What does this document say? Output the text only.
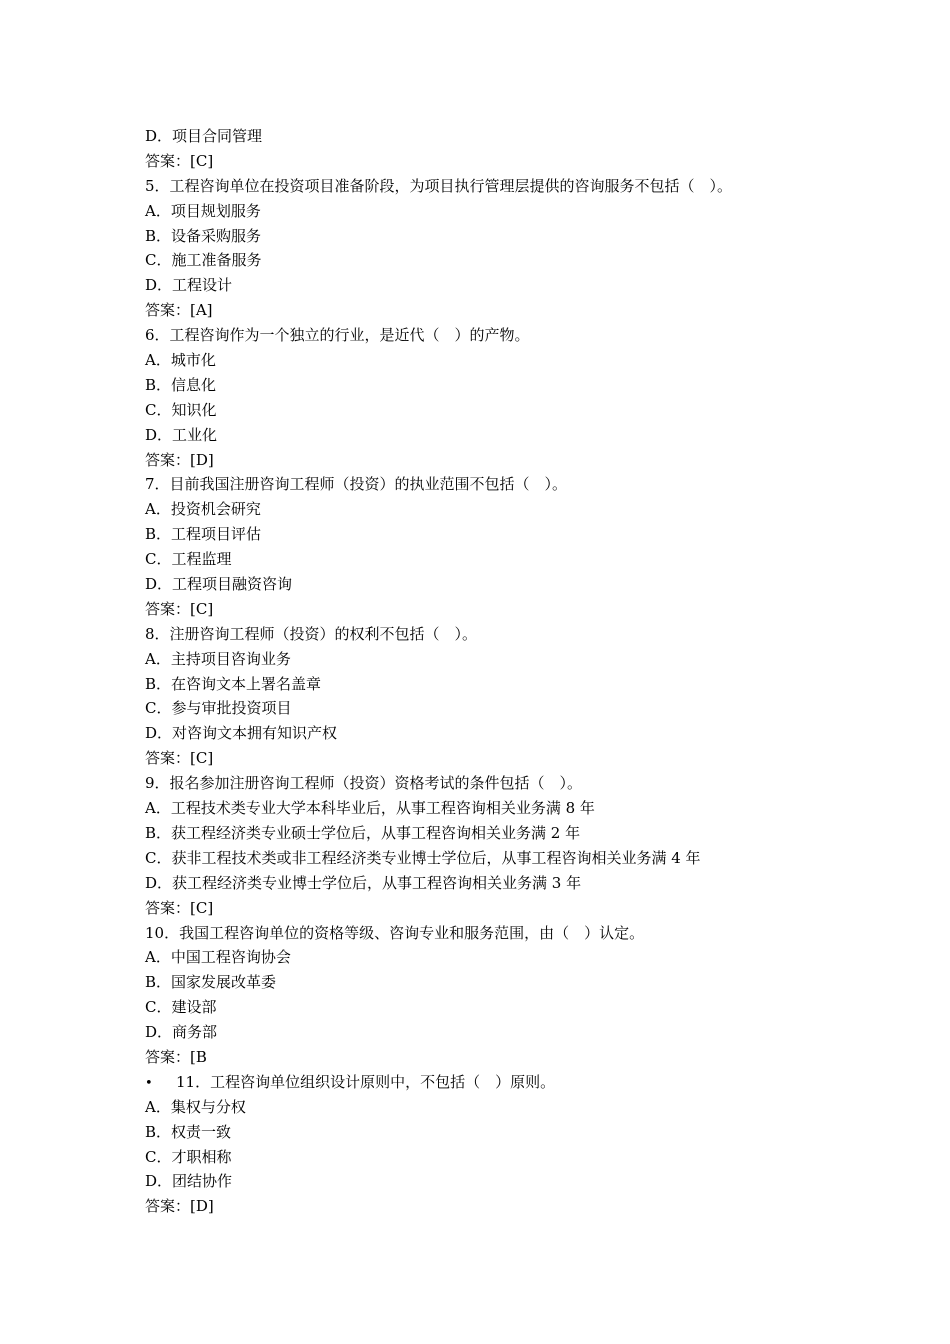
D．项目合同管理
答案：[C]
5．工程咨询单位在投资项目准备阶段，为项目执行管理层提供的咨询服务不包括（　）。
A．项目规划服务
B．设备采购服务
C．施工准备服务
D．工程设计
答案：[A]
6．工程咨询作为一个独立的行业，是近代（　）的产物。
A．城市化
B．信息化
C．知识化
D．工业化
答案：[D]
7．目前我国注册咨询工程师（投资）的执业范围不包括（　）。
A．投资机会研究
B．工程项目评估
C．工程监理
D．工程项目融资咨询
答案：[C]
8．注册咨询工程师（投资）的权利不包括（　）。
A．主持项目咨询业务
B．在咨询文本上署名盖章
C．参与审批投资项目
D．对咨询文本拥有知识产权
答案：[C]
9．报名参加注册咨询工程师（投资）资格考试的条件包括（　）。
A．工程技术类专业大学本科毕业后，从事工程咨询相关业务满 8 年
B．获工程经济类专业硕士学位后，从事工程咨询相关业务满 2 年
C．获非工程技术类或非工程经济类专业博士学位后，从事工程咨询相关业务满 4 年
D．获工程经济类专业博士学位后，从事工程咨询相关业务满 3 年
答案：[C]
10．我国工程咨询单位的资格等级、咨询专业和服务范围，由（　）认定。
A．中国工程咨询协会
B．国家发展改革委
C．建设部
D．商务部
答案：[B
• 11．工程咨询单位组织设计原则中，不包括（　）原则。
A．集权与分权
B．权责一致
C．才职相称
D．团结协作
答案：[D]
